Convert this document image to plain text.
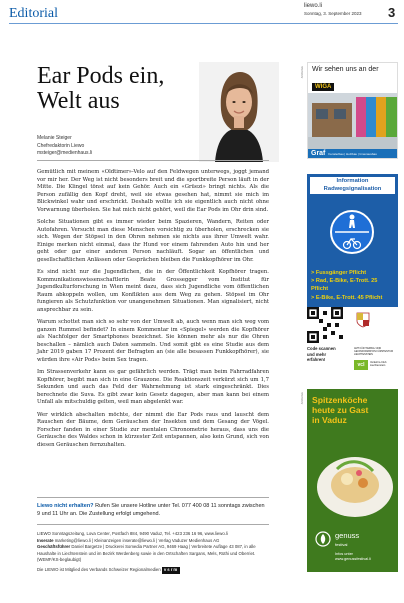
Editorial	liewo.li
Sonntag, 3. September 2023 3
Ear Pods ein,
Welt aus
Melanie Steiger
Chefredaktorin Liewo
msteiger@medienhaus.li

Gemütlich mit meinem «Oldtimer»-Velo auf den Feldwegen unterwegs, joggt jemand vor mir her. Der Weg ist nicht besonders breit und die sportbreite Person läuft in der Mitte. Die Klingel tönst auf kein Gehör. Auch ein «Grüezi» bringt nichts. Als die Person zufällig den Kopf dreht, weil sie etwas gesehen hat, nimmt sie mich im Blickwinkel wahr und erschrickt. Deshalb wollte ich sie eigentlich auch nicht ohne Vorwarnung überholen. Sie hat mich nicht gehört, weil die Ear Pods im Ohr drin sind.

Solche Situationen gibt es immer wieder beim Spazieren, Wandern, Reiten oder Autofahren. Versucht man diese Menschen vorsichtig zu überholen, erschrecken sie sich. Wegen der Stöpsel in den Ohren nehmen sie nichts aus ihrer Umwelt wahr. Einige merken nicht einmal, dass ihr Hund vor einem fahrenden Auto hin und her geht oder gar einer anderen Person nachläuft. Sogar an öffentlichen und gesellschaftlichen Anlässen oder Gesprächen bleiben die Funkkopfhörer im Ohr.

Es sind nicht nur die Jugendlichen, die in der Öffentlichkeit Kopfhörer tragen. Kommunikationswissenschaftlerin Beate Grossegger vom Institut für Jugendkulturforschung in Wien meint dazu, dass sich Jugendliche vom öffentlichen Raum abkoppeln wollen, um Konflikten aus dem Weg zu gehen. Stöpsel im Ohr fungieren als Schutzfunktion vor unangenehmen Situationen. Man signalisiert, nicht ansprechbar zu sein.

Warum schottet man sich so sehr von der Umwelt ab, auch wenn man sich weg vom ganzen Rummel befindet? In einem Kommentar im «Spiegel» werden die Kopfhörer als Nachfolger der Smartphones bezeichnet. Sie können mehr als nur die Ohren beschallen – nämlich auch Daten sammeln. Und somit gibt es eine Studie aus dem Jahr 2019 gaben 17 Prozent der Befragten an (sie alle besassen Funkkopfhörer), sie würden ihre «Air Pods» beim Sex tragen.

Im Strassenverkehr kann es gar gefährlich werden. Trägt man beim Fahrradfahren Kopfhörer, begibt man sich in eine Grauzone. Die Reaktionszeit verkürzt sich um 1,7 Sekunden und auch das Feld der Wahrnehmung ist stark eingeschränkt. Dies berechnete die Suva. Es gibt zwar kein Gesetz dagegen, aber man kann bei einem Unfall als mitschuldig gelten, weil man abgelenkt war.

Wer wirklich abschalten möchte, der nimmt die Ear Pods raus und lauscht dem Rauschen der Bäume, dem Geräuschen der Insekten und dem Gesang der Vögel. Forscher fanden in einer Studie zur mentalen Chronometrie heraus, dass uns die Geräusche des Waldes schon in kürzester Zeit entspannen, also kein Grund, sich von diesen Geräuschen fernzuhalten.

Liewo nicht erhalten? Rufen Sie unsere Hotline unter Tel. 077 400 08 11 sonntags zwischen 9 und 11 Uhr an. Die Zustellung erfolgt umgehend.
LIEWO Sonntagszeitung, Lova Center, Postfach 884, 9490 Vaduz, Tel. +423 236 16 96, www.liewo.li
Inserate marketing@liewo.li | Kleinanzeigen inserate@liewo.li | Verlag Vaduzer Medienhaus AG
Geschäftsführer Daniel Bargetze | Druckerei Somedia Partner AG, 9469 Haag | Verbreitete Auflage 43 087, in alle Haushalte in Liechtenstein und im Bezirk Werdenberg sowie in den Ortschaften Sargans, Mels, Rüthi und Oberriet. (WEMF/KS-beglaubigt)
Die LIEWO ist Mitglied des Verbands Schweizer Regionalmedien vsrm
ANZEIGE
ANZEIGE
Wir sehen uns an der
WIGA
Graf Fensterbau | Holzbau | Innenausbau
Information
Radwegsignalisation
> Fussgänger Pflicht
> Rad, E-Bike, E-Trott. 25 Pflicht
> E-Bike, E-Trott. 45 Pflicht
Code scannen
und mehr
erfahren!
AMT FÜR TIEFBAU UND GEOINFORMATION FÜRSTENTUM LIECHTENSTEIN
vcl	Verkehrs-Club Liechtenstein
Spitzenköche
heute zu Gast
in Vaduz
genuss
festival
Infos unter
www.genussfestival.li
